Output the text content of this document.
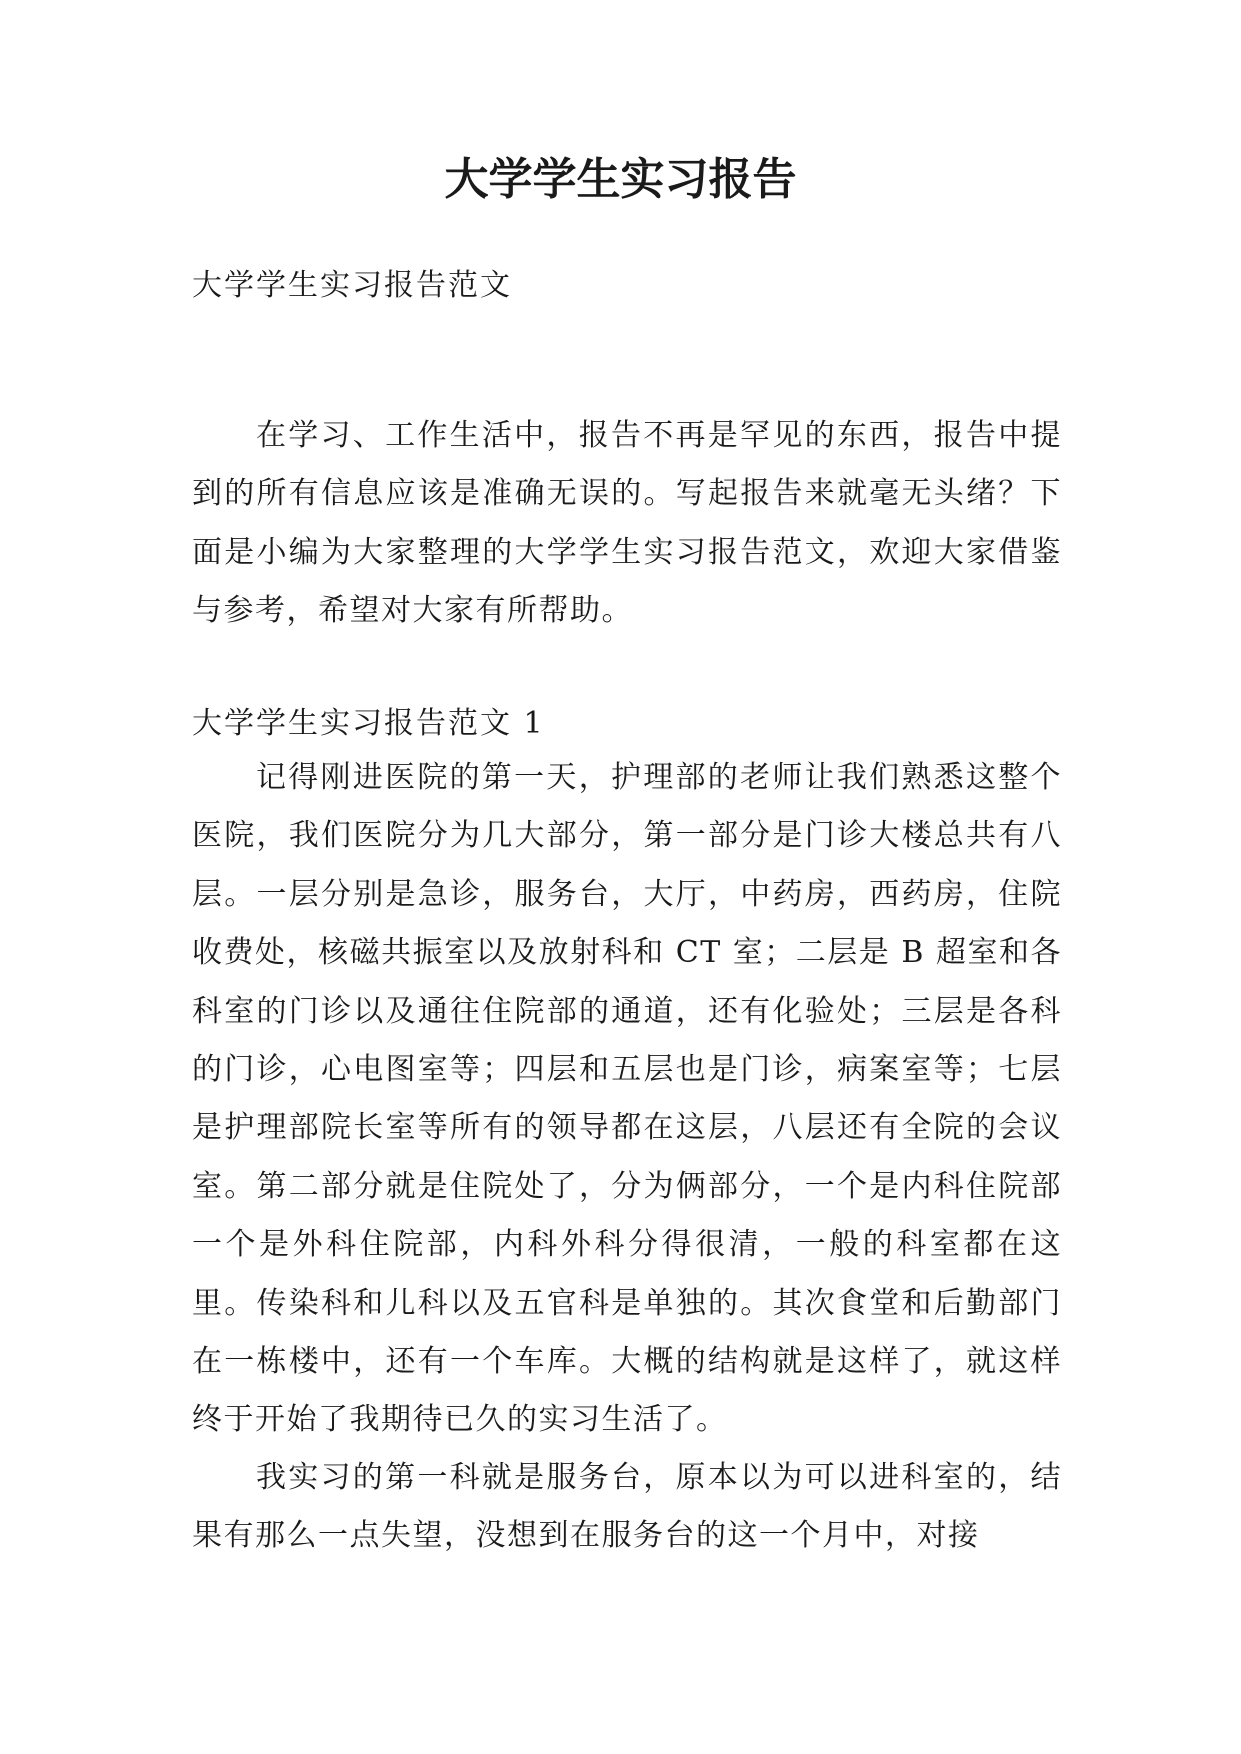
大学学生实习报告

大学学生实习报告范文

在学习、工作生活中，报告不再是罕见的东西，报告中提到的所有信息应该是准确无误的。写起报告来就毫无头绪？下面是小编为大家整理的大学学生实习报告范文，欢迎大家借鉴与参考，希望对大家有所帮助。

大学学生实习报告范文 1

记得刚进医院的第一天，护理部的老师让我们熟悉这整个医院，我们医院分为几大部分，第一部分是门诊大楼总共有八层。一层分别是急诊，服务台，大厅，中药房，西药房，住院收费处，核磁共振室以及放射科和 CT 室；二层是 B 超室和各科室的门诊以及通往住院部的通道，还有化验处；三层是各科的门诊，心电图室等；四层和五层也是门诊，病案室等；七层是护理部院长室等所有的领导都在这层，八层还有全院的会议室。第二部分就是住院处了，分为俩部分，一个是内科住院部一个是外科住院部，内科外科分得很清，一般的科室都在这里。传染科和儿科以及五官科是单独的。其次食堂和后勤部门在一栋楼中，还有一个车库。大概的结构就是这样了，就这样终于开始了我期待已久的实习生活了。

我实习的第一科就是服务台，原本以为可以进科室的，结果有那么一点失望，没想到在服务台的这一个月中，对接
